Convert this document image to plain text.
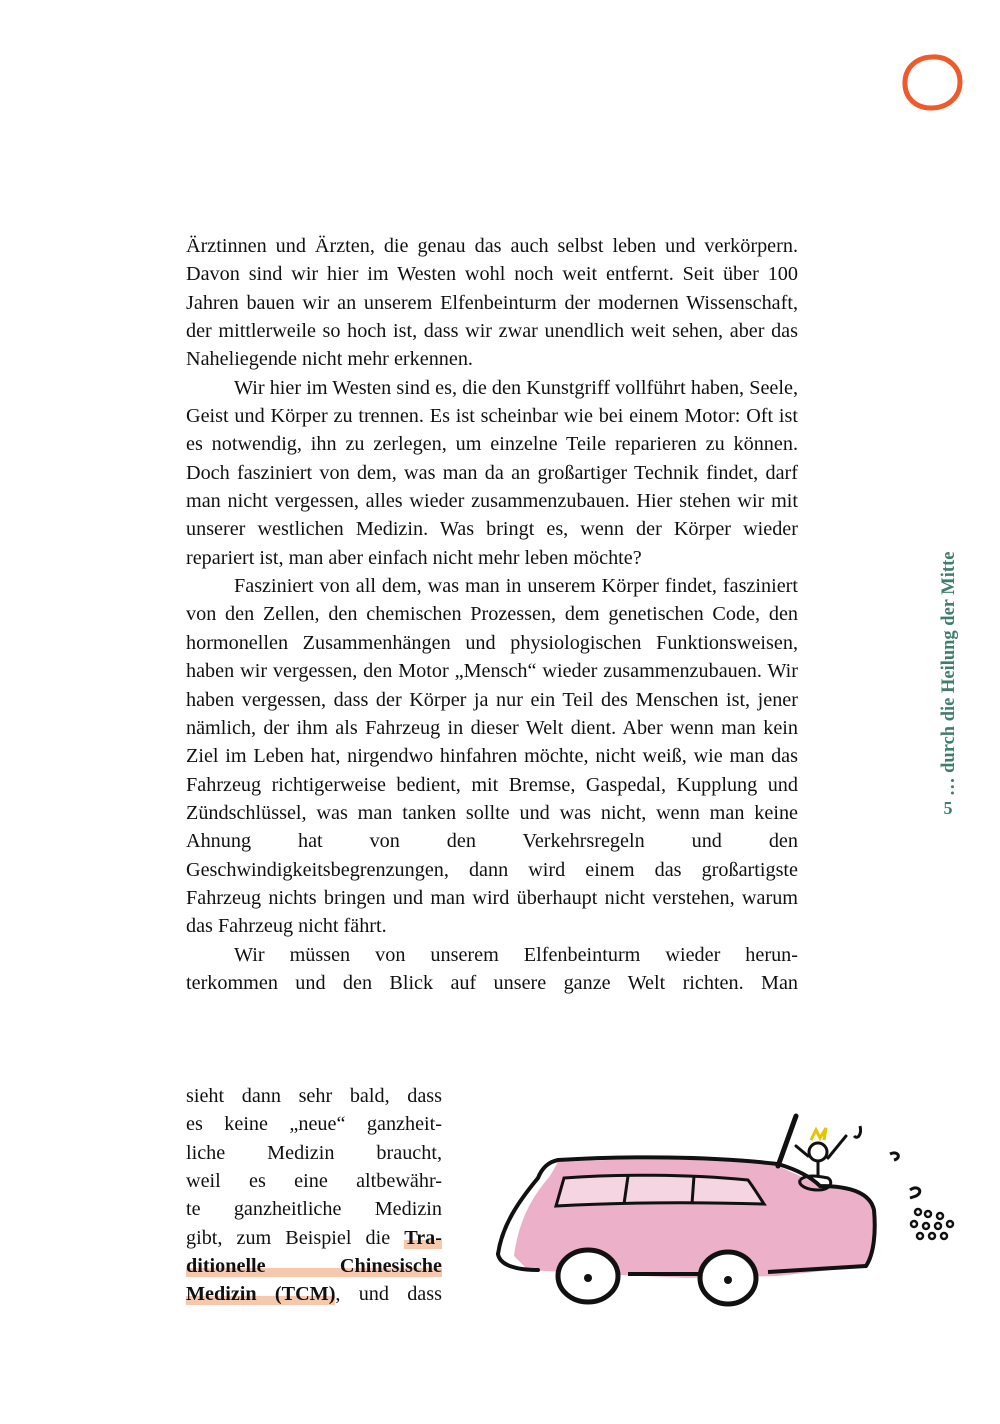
Ärztinnen und Ärzten, die genau das auch selbst leben und verkörpern. Davon sind wir hier im Westen wohl noch weit entfernt. Seit über 100 Jahren bauen wir an unserem Elfenbeinturm der modernen Wissenschaft, der mittlerweile so hoch ist, dass wir zwar unendlich weit sehen, aber das Naheliegende nicht mehr erkennen.

Wir hier im Westen sind es, die den Kunstgriff vollführt haben, Seele, Geist und Körper zu trennen. Es ist scheinbar wie bei einem Motor: Oft ist es notwendig, ihn zu zerlegen, um einzelne Teile reparieren zu können. Doch fasziniert von dem, was man da an großartiger Technik findet, darf man nicht vergessen, alles wieder zusammenzubauen. Hier stehen wir mit unserer westlichen Medizin. Was bringt es, wenn der Körper wieder repariert ist, man aber einfach nicht mehr leben möchte?

Fasziniert von all dem, was man in unserem Körper findet, fasziniert von den Zellen, den chemischen Prozessen, dem genetischen Code, den hormonellen Zusammenhängen und physiologischen Funktionsweisen, haben wir vergessen, den Motor „Mensch“ wieder zusammenzubauen. Wir haben vergessen, dass der Körper ja nur ein Teil des Menschen ist, jener nämlich, der ihm als Fahrzeug in dieser Welt dient. Aber wenn man kein Ziel im Leben hat, nirgendwo hinfahren möchte, nicht weiß, wie man das Fahrzeug richtigerweise bedient, mit Bremse, Gaspedal, Kupplung und Zündschlüssel, was man tanken sollte und was nicht, wenn man keine Ahnung hat von den Verkehrsregeln und den Geschwindigkeitsbegrenzungen, dann wird einem das großartigste Fahrzeug nichts bringen und man wird überhaupt nicht verstehen, warum das Fahrzeug nicht fährt.

Wir müssen von unserem Elfenbeinturm wieder herun-
terkommen und den Blick auf unsere ganze Welt richten. Man
sieht dann sehr bald, dass
es keine „neue“ ganzheit-
liche Medizin braucht,
weil es eine altbewähr-
te ganzheitliche Medizin
gibt, zum Beispiel die Tra-
ditionelle Chinesische
Medizin (TCM), und dass
… durch die Heilung der Mitte
5
